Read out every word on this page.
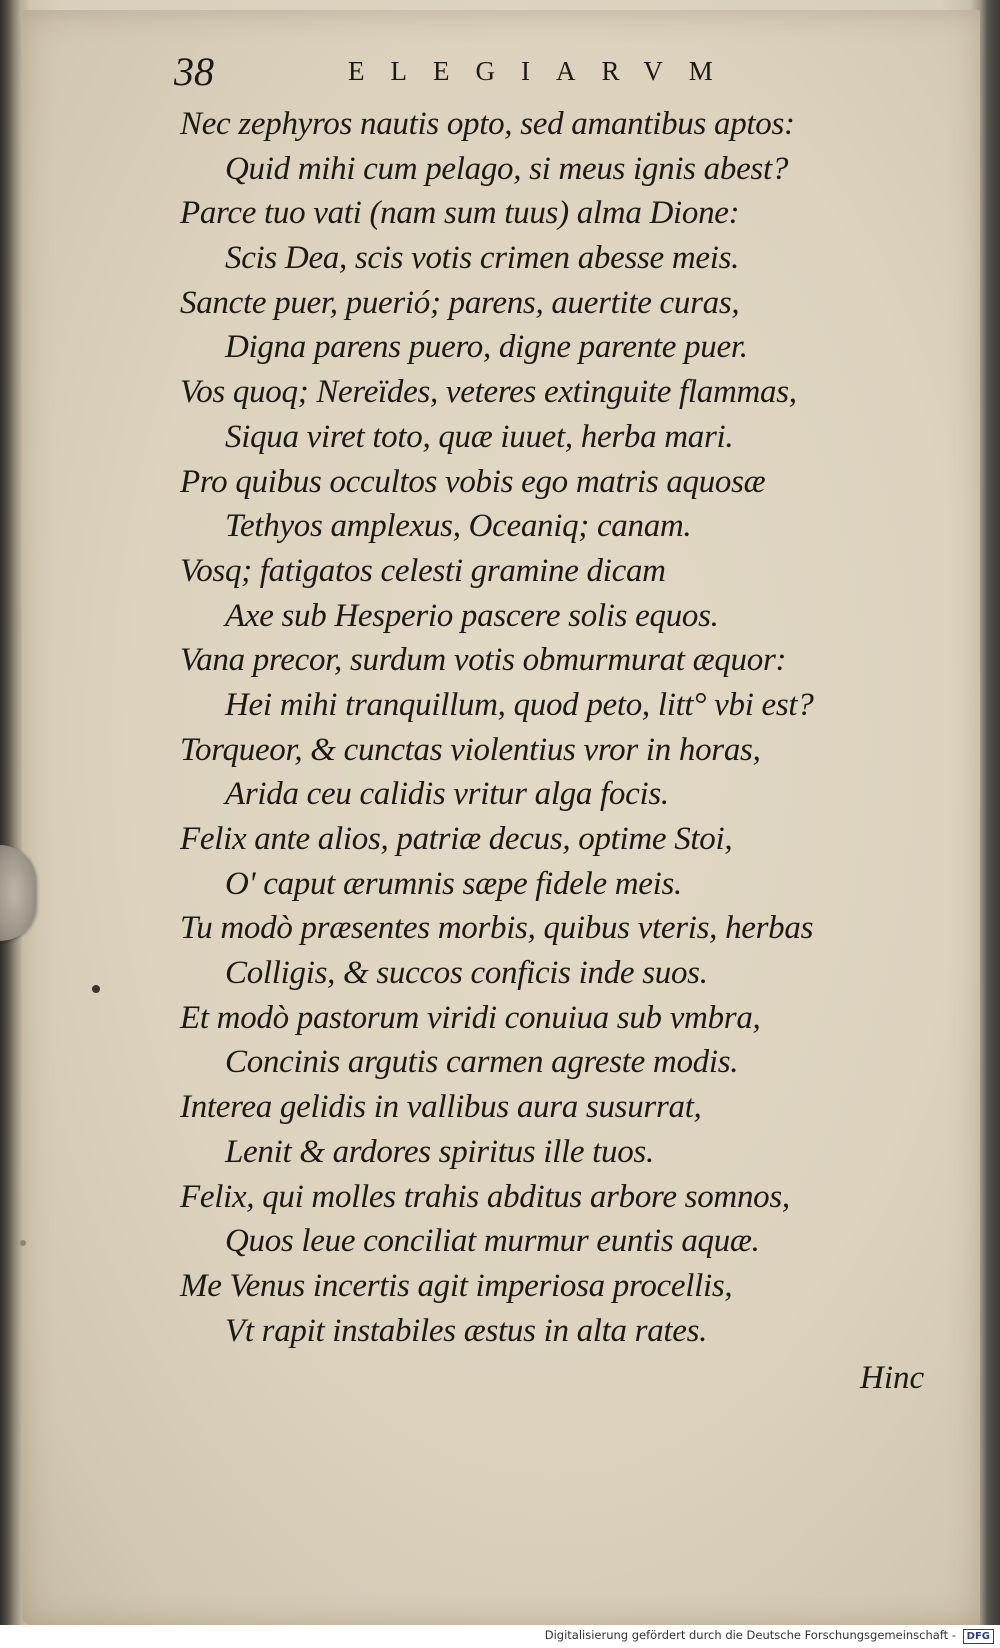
38	ELEGIARVM
Nec zephyros nautis opto, sed amantibus aptos:
Quid mihi cum pelago, si meus ignis abest?
Parce tuo vati (nam sum tuus) alma Dione:
Scis Dea, scis votis crimen abesse meis.
Sancte puer, puerió; parens, auertite curas,
Digna parens puero, digne parente puer.
Vos quoq; Nereïdes, veteres extinguite flammas,
Siqua viret toto, quæ iuuet, herba mari.
Pro quibus occultos vobis ego matris aquosæ
Tethyos amplexus, Oceaniq; canam.
Vosq; fatigatos celesti gramine dicam
Axe sub Hesperio pascere solis equos.
Vana precor, surdum votis obmurmurat æquor:
Hei mihi tranquillum, quod peto, litt° vbi est?
Torqueor, & cunctas violentius vror in horas,
Arida ceu calidis vritur alga focis.
Felix ante alios, patriæ decus, optime Stoi,
O' caput ærumnis sæpe fidele meis.
Tu modò præsentes morbis, quibus vteris, herbas
Colligis, & succos conficis inde suos.
Et modò pastorum viridi conuiua sub vmbra,
Concinis argutis carmen agreste modis.
Interea gelidis in vallibus aura susurrat,
Lenit & ardores spiritus ille tuos.
Felix, qui molles trahis abditus arbore somnos,
Quos leue conciliat murmur euntis aquæ.
Me Venus incertis agit imperiosa procellis,
Vt rapit instabiles æstus in alta rates.
Hinc
Digitalisierung gefördert durch die Deutsche Forschungsgemeinschaft - DFG
